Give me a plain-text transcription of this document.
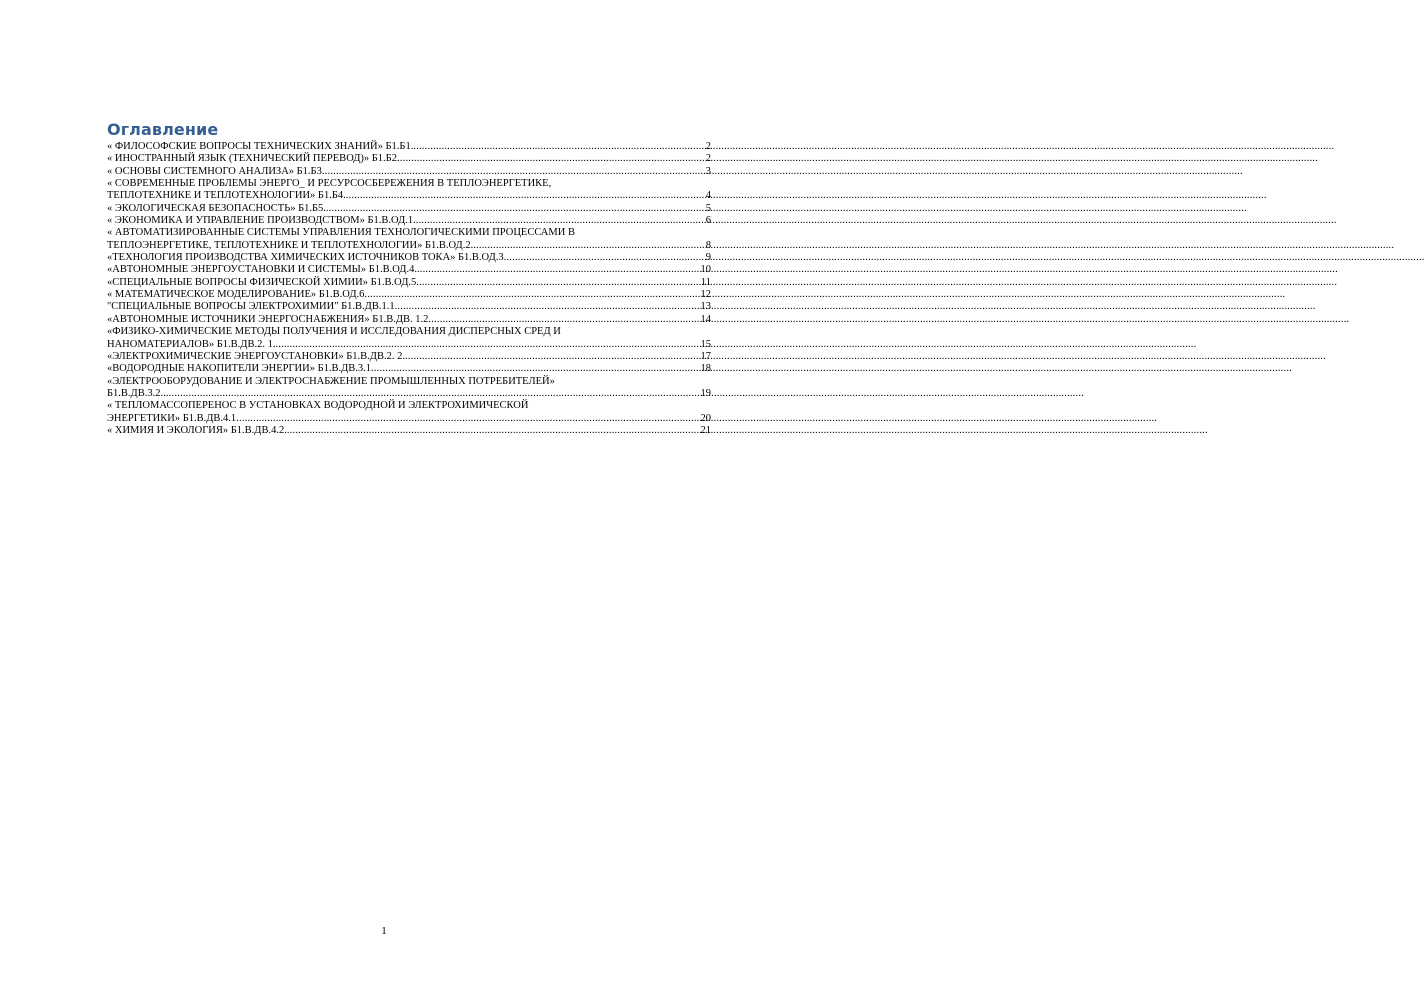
Оглавление
« ФИЛОСОФСКИЕ ВОПРОСЫ ТЕХНИЧЕСКИХ ЗНАНИЙ» Б1.Б1. .....	2
« ИНОСТРАННЫЙ ЯЗЫК (ТЕХНИЧЕСКИЙ ПЕРЕВОД)» Б1.Б2 .....	2
« ОСНОВЫ СИСТЕМНОГО АНАЛИЗА» Б1.Б3 .....	3
« СОВРЕМЕННЫЕ ПРОБЛЕМЫ ЭНЕРГО_ И РЕСУРСОСБЕРЕЖЕНИЯ В ТЕПЛОЭНЕРГЕТИКЕ,
ТЕПЛОТЕХНИКЕ И ТЕПЛОТЕХНОЛОГИИ» Б1.Б4. .....	4
« ЭКОЛОГИЧЕСКАЯ БЕЗОПАСНОСТЬ» Б1.Б5. .....	5
« ЭКОНОМИКА И УПРАВЛЕНИЕ ПРОИЗВОДСТВОМ» Б1.В.ОД.1. .....	6
« АВТОМАТИЗИРОВАННЫЕ СИСТЕМЫ УПРАВЛЕНИЯ ТЕХНОЛОГИЧЕСКИМИ ПРОЦЕССАМИ В
ТЕПЛОЭНЕРГЕТИКЕ, ТЕПЛОТЕХНИКЕ И ТЕПЛОТЕХНОЛОГИИ» Б1.В.ОД.2. .....	8
«ТЕХНОЛОГИЯ ПРОИЗВОДСТВА ХИМИЧЕСКИХ ИСТОЧНИКОВ ТОКА» Б1.В.ОД.3 .....	9
«АВТОНОМНЫЕ ЭНЕРГОУСТАНОВКИ И СИСТЕМЫ» Б1.В.ОД.4. .....	10
«СПЕЦИАЛЬНЫЕ ВОПРОСЫ ФИЗИЧЕСКОЙ ХИМИИ» Б1.В.ОД.5 .....	11
« МАТЕМАТИЧЕСКОЕ МОДЕЛИРОВАНИЕ» Б1.В.ОД.6 .....	12
"СПЕЦИАЛЬНЫЕ ВОПРОСЫ ЭЛЕКТРОХИМИИ" Б1.В.ДВ.1.1 .....	13
«АВТОНОМНЫЕ ИСТОЧНИКИ ЭНЕРГОСНАБЖЕНИЯ» Б1.В.ДВ. 1.2 .....	14
«ФИЗИКО-ХИМИЧЕСКИЕ МЕТОДЫ ПОЛУЧЕНИЯ И ИССЛЕДОВАНИЯ ДИСПЕРСНЫХ СРЕД И
НАНОМАТЕРИАЛОВ» Б1.В.ДВ.2. 1. .....	15
«ЭЛЕКТРОХИМИЧЕСКИЕ ЭНЕРГОУСТАНОВКИ» Б1.В.ДВ.2. 2. .....	17
«ВОДОРОДНЫЕ НАКОПИТЕЛИ ЭНЕРГИИ» Б1.В.ДВ.3.1 .....	18
«ЭЛЕКТРООБОРУДОВАНИЕ И ЭЛЕКТРОСНАБЖЕНИЕ ПРОМЫШЛЕННЫХ ПОТРЕБИТЕЛЕЙ»
Б1.В.ДВ.3.2. .....	19
« ТЕПЛОМАССОПЕРЕНОС В УСТАНОВКАХ ВОДОРОДНОЙ И ЭЛЕКТРОХИМИЧЕСКОЙ
ЭНЕРГЕТИКИ» Б1.В.ДВ.4.1 .....	20
« ХИМИЯ И ЭКОЛОГИЯ» Б1.В.ДВ.4.2. .....	21
1
